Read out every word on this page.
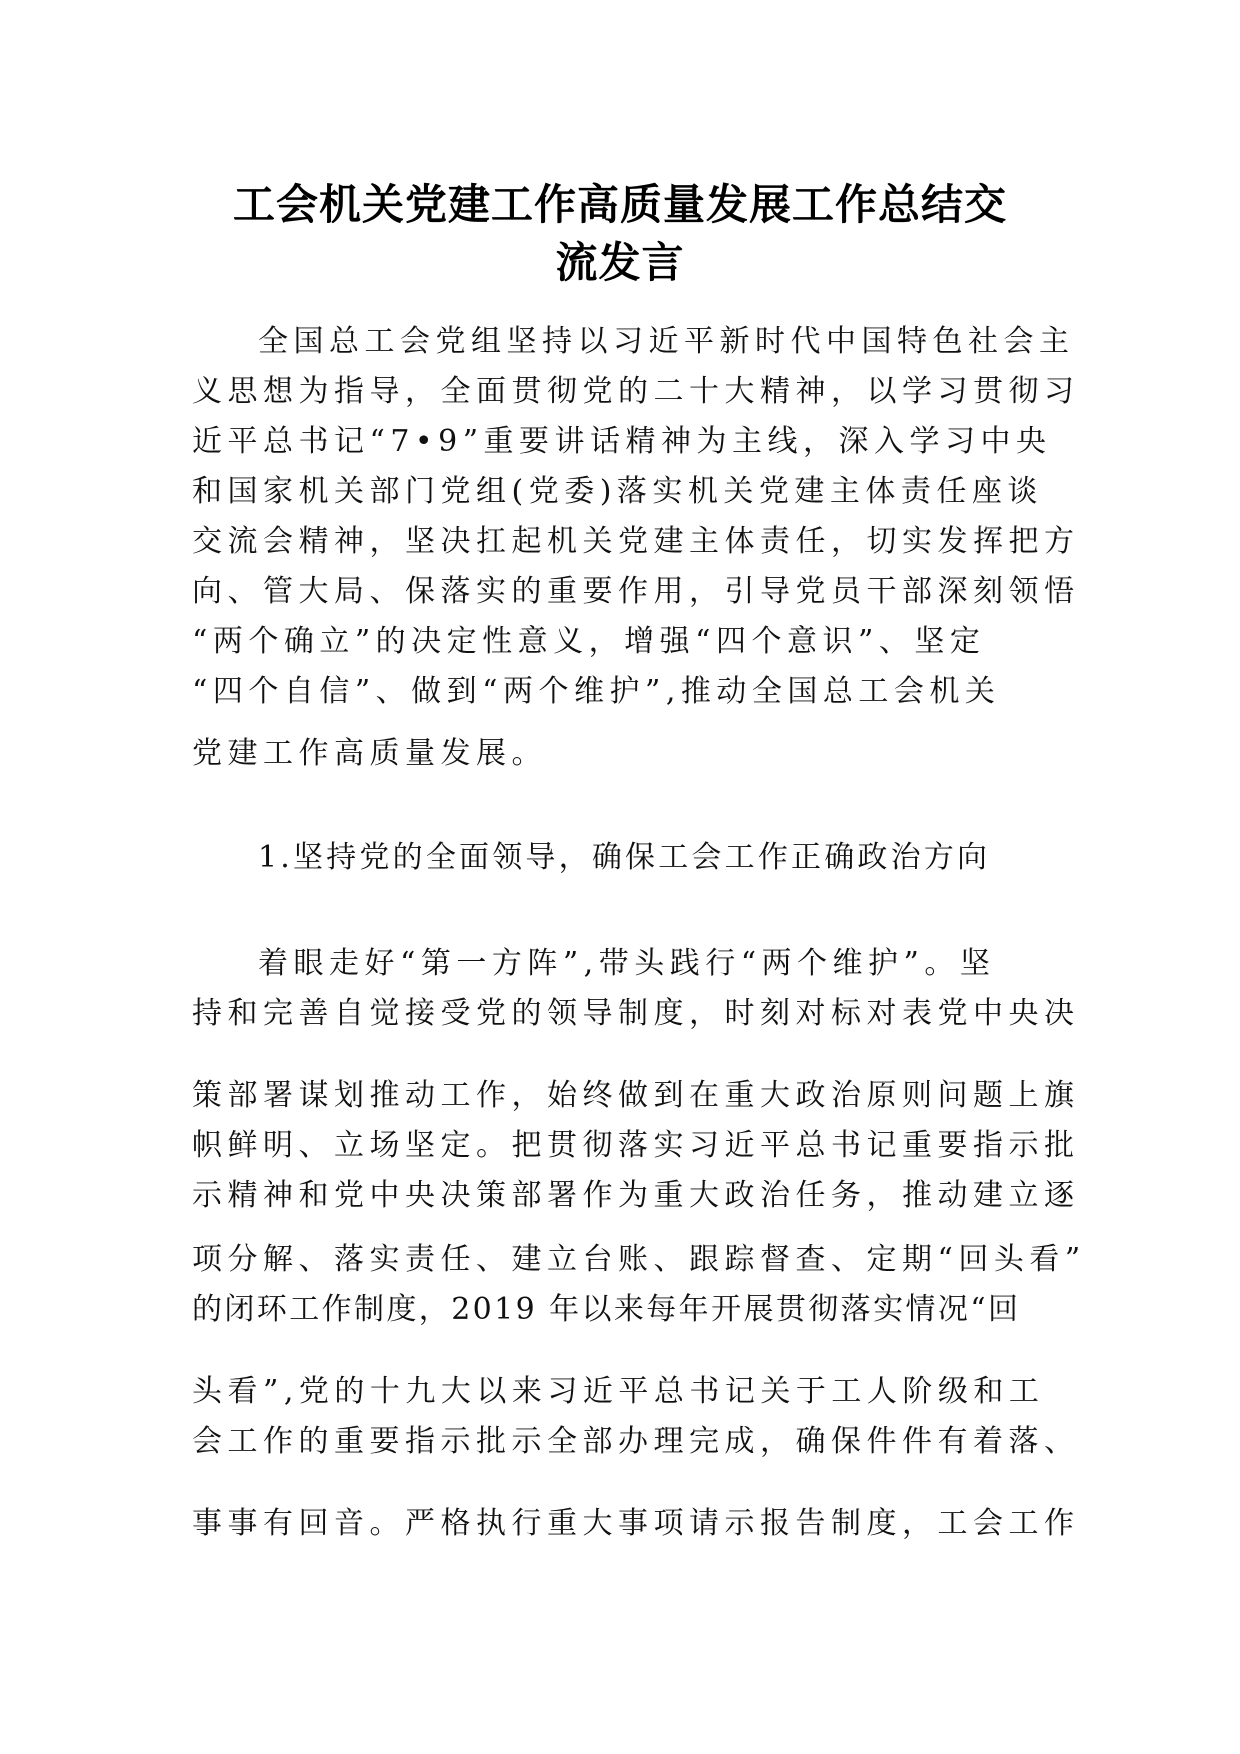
工会机关党建工作高质量发展工作总结交
流发言

全国总工会党组坚持以习近平新时代中国特色社会主

义思想为指导，全面贯彻党的二十大精神，以学习贯彻习

近平总书记“7•9”重要讲话精神为主线，深入学习中央

和国家机关部门党组(党委)落实机关党建主体责任座谈

交流会精神，坚决扛起机关党建主体责任，切实发挥把方

向、管大局、保落实的重要作用，引导党员干部深刻领悟

“两个确立”的决定性意义，增强“四个意识”、坚定

“四个自信”、做到“两个维护”,推动全国总工会机关

党建工作高质量发展。

1.坚持党的全面领导，确保工会工作正确政治方向

着眼走好“第一方阵”,带头践行“两个维护”。坚

持和完善自觉接受党的领导制度，时刻对标对表党中央决

策部署谋划推动工作，始终做到在重大政治原则问题上旗

帜鲜明、立场坚定。把贯彻落实习近平总书记重要指示批

示精神和党中央决策部署作为重大政治任务，推动建立逐

项分解、落实责任、建立台账、跟踪督查、定期“回头看”

的闭环工作制度，2019 年以来每年开展贯彻落实情况“回

头看”,党的十九大以来习近平总书记关于工人阶级和工

会工作的重要指示批示全部办理完成，确保件件有着落、

事事有回音。严格执行重大事项请示报告制度，工会工作
